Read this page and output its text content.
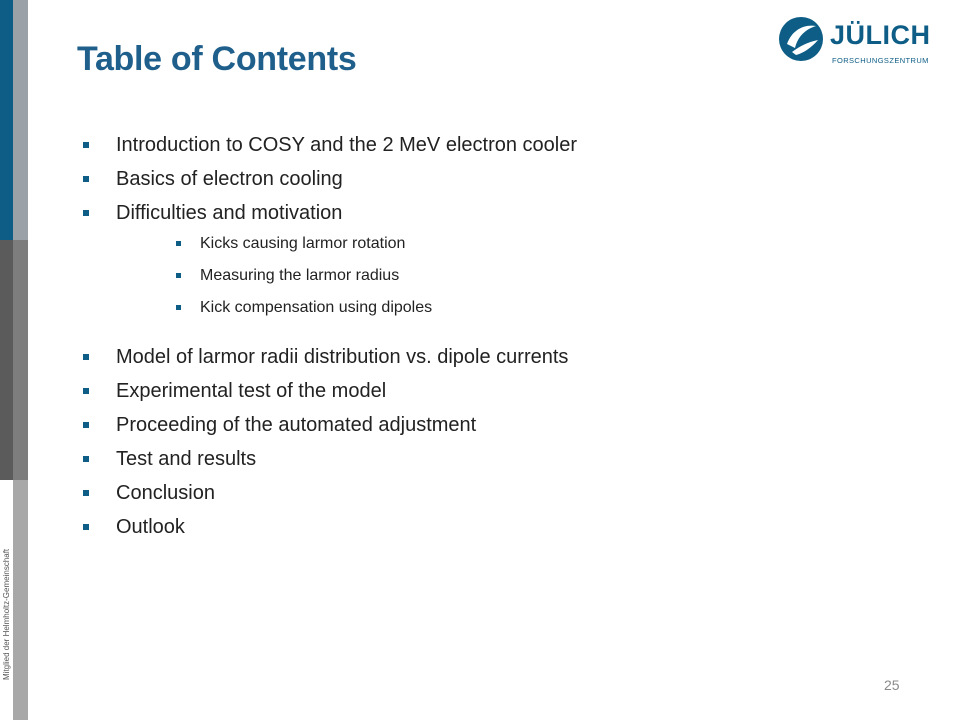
Mitglied der Helmholtz-Gemeinschaft
Table of Contents
JÜLICH
FORSCHUNGSZENTRUM
Introduction to COSY and the 2 MeV electron cooler
Basics of electron cooling
Difficulties and motivation
Kicks causing larmor rotation
Measuring the larmor radius
Kick compensation using dipoles
Model of larmor radii distribution vs. dipole currents
Experimental test of the model
Proceeding of the automated adjustment
Test and results
Conclusion
Outlook
25
